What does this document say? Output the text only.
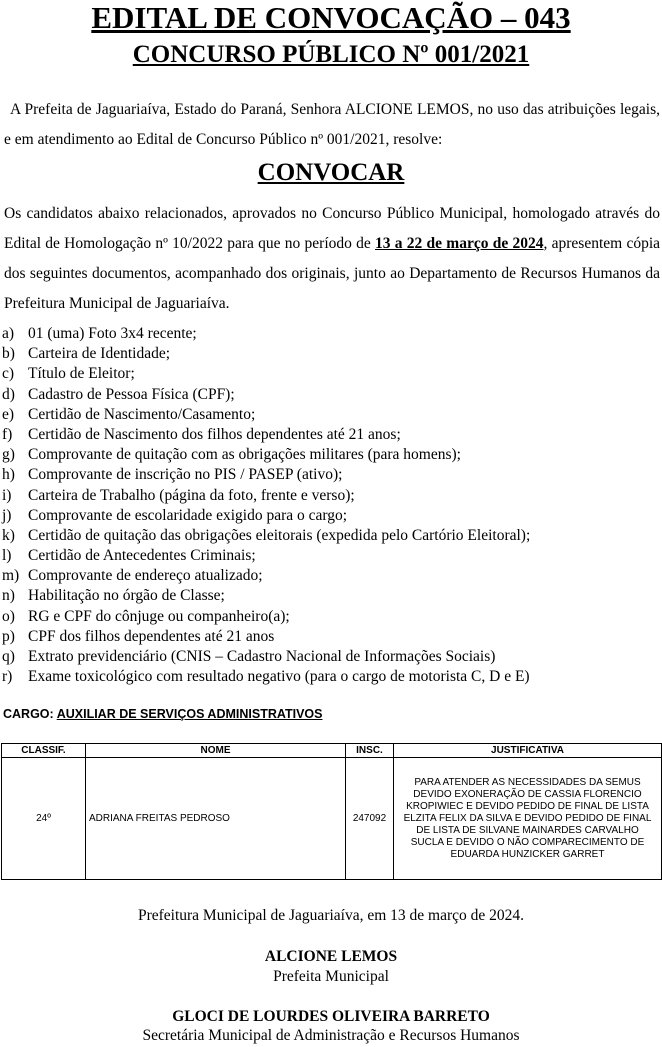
EDITAL DE CONVOCAÇÃO – 043
CONCURSO PÚBLICO Nº 001/2021

A Prefeita de Jaguariaíva, Estado do Paraná, Senhora ALCIONE LEMOS, no uso das atribuições legais, e em atendimento ao Edital de Concurso Público nº 001/2021, resolve:

CONVOCAR

Os candidatos abaixo relacionados, aprovados no Concurso Público Municipal, homologado através do Edital de Homologação nº 10/2022 para que no período de 13 a 22 de março de 2024, apresentem cópia dos seguintes documentos, acompanhado dos originais, junto ao Departamento de Recursos Humanos da Prefeitura Municipal de Jaguariaíva.

a) 01 (uma) Foto 3x4 recente;
b) Carteira de Identidade;
c) Título de Eleitor;
d) Cadastro de Pessoa Física (CPF);
e) Certidão de Nascimento/Casamento;
f) Certidão de Nascimento dos filhos dependentes até 21 anos;
g) Comprovante de quitação com as obrigações militares (para homens);
h) Comprovante de inscrição no PIS / PASEP (ativo);
i) Carteira de Trabalho (página da foto, frente e verso);
j) Comprovante de escolaridade exigido para o cargo;
k) Certidão de quitação das obrigações eleitorais (expedida pelo Cartório Eleitoral);
l) Certidão de Antecedentes Criminais;
m) Comprovante de endereço atualizado;
n) Habilitação no órgão de Classe;
o) RG e CPF do cônjuge ou companheiro(a);
p) CPF dos filhos dependentes até 21 anos
q) Extrato previdenciário (CNIS – Cadastro Nacional de Informações Sociais)
r) Exame toxicológico com resultado negativo (para o cargo de motorista C, D e E)
CARGO: AUXILIAR DE SERVIÇOS ADMINISTRATIVOS
CLASSIF.	NOME	INSC.	JUSTIFICATIVA
24º	ADRIANA FREITAS PEDROSO	247092	PARA ATENDER AS NECESSIDADES DA SEMUS DEVIDO EXONERAÇÃO DE CASSIA FLORENCIO KROPIWIEC E DEVIDO PEDIDO DE FINAL DE LISTA ELZITA FELIX DA SILVA E DEVIDO PEDIDO DE FINAL DE LISTA DE SILVANE MAINARDES CARVALHO SUCLA E DEVIDO O NÃO COMPARECIMENTO DE EDUARDA HUNZICKER GARRET
Prefeitura Municipal de Jaguariaíva, em 13 de março de 2024.
ALCIONE LEMOS
Prefeita Municipal
GLOCI DE LOURDES OLIVEIRA BARRETO
Secretária Municipal de Administração e Recursos Humanos
